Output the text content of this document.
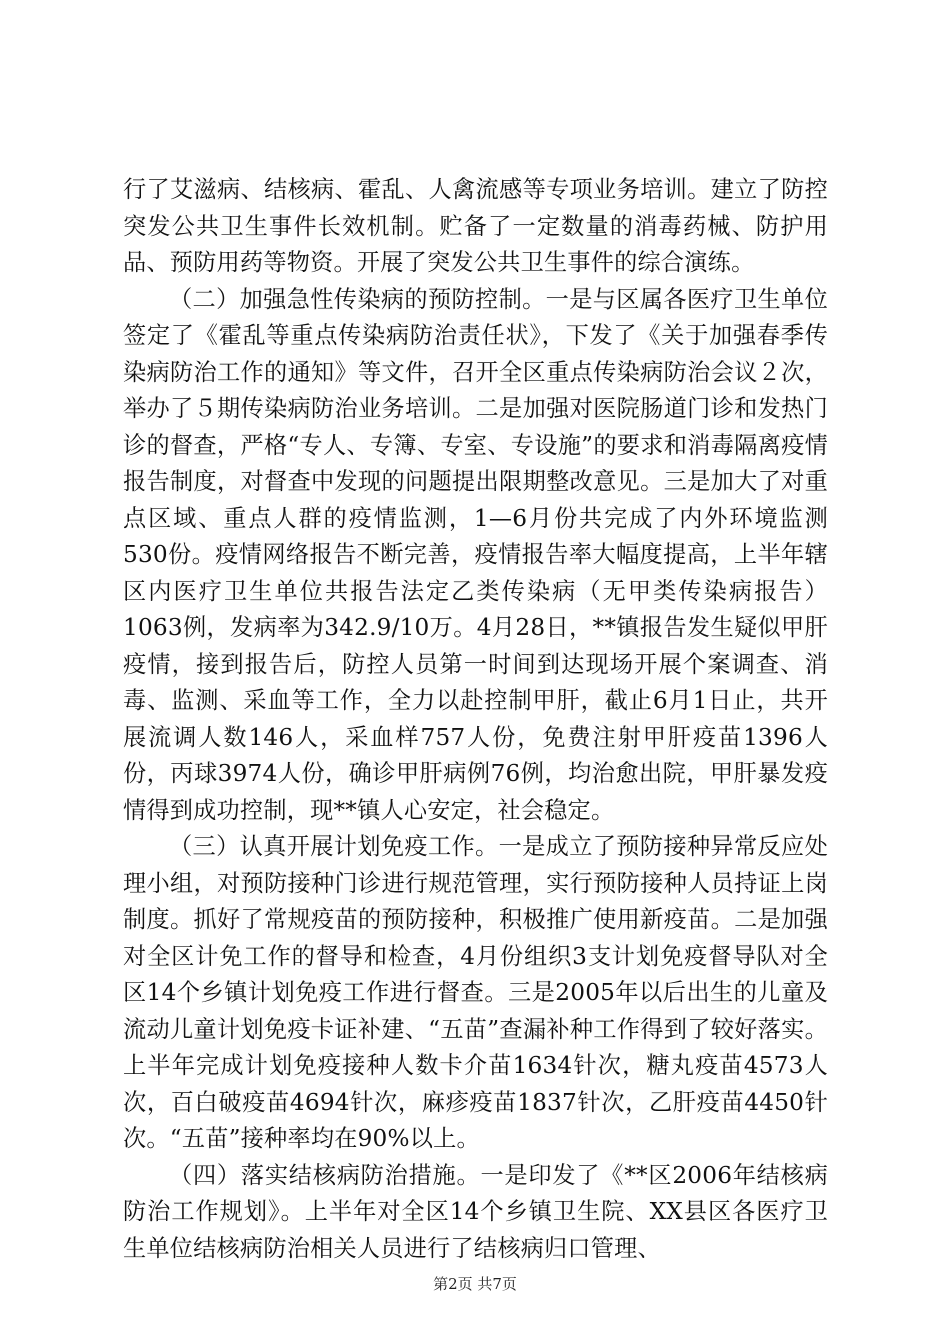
行了艾滋病、结核病、霍乱、人禽流感等专项业务培训。建立了防控突发公共卫生事件长效机制。贮备了一定数量的消毒药械、防护用品、预防用药等物资。开展了突发公共卫生事件的综合演练。

（二）加强急性传染病的预防控制。一是与区属各医疗卫生单位签定了《霍乱等重点传染病防治责任状》，下发了《关于加强春季传染病防治工作的通知》等文件，召开全区重点传染病防治会议２次，举办了５期传染病防治业务培训。二是加强对医院肠道门诊和发热门诊的督查，严格“专人、专簿、专室、专设施”的要求和消毒隔离疫情报告制度，对督查中发现的问题提出限期整改意见。三是加大了对重点区域、重点人群的疫情监测，1—6月份共完成了内外环境监测530份。疫情网络报告不断完善，疫情报告率大幅度提高，上半年辖区内医疗卫生单位共报告法定乙类传染病（无甲类传染病报告）1063例，发病率为342.9/10万。4月28日，**镇报告发生疑似甲肝疫情，接到报告后，防控人员第一时间到达现场开展个案调查、消毒、监测、采血等工作，全力以赴控制甲肝，截止6月1日止，共开展流调人数146人，采血样757人份，免费注射甲肝疫苗1396人份，丙球3974人份，确诊甲肝病例76例，均治愈出院，甲肝暴发疫情得到成功控制，现**镇人心安定，社会稳定。

（三）认真开展计划免疫工作。一是成立了预防接种异常反应处理小组，对预防接种门诊进行规范管理，实行预防接种人员持证上岗制度。抓好了常规疫苗的预防接种，积极推广使用新疫苗。二是加强对全区计免工作的督导和检查，4月份组织3支计划免疫督导队对全区14个乡镇计划免疫工作进行督查。三是2005年以后出生的儿童及流动儿童计划免疫卡证补建、“五苗”查漏补种工作得到了较好落实。上半年完成计划免疫接种人数卡介苗1634针次，糖丸疫苗4573人次，百白破疫苗4694针次，麻疹疫苗1837针次，乙肝疫苗4450针次。“五苗”接种率均在90%以上。

（四）落实结核病防治措施。一是印发了《**区2006年结核病防治工作规划》。上半年对全区14个乡镇卫生院、XX县区各医疗卫生单位结核病防治相关人员进行了结核病归口管理、

第2页 共7页
